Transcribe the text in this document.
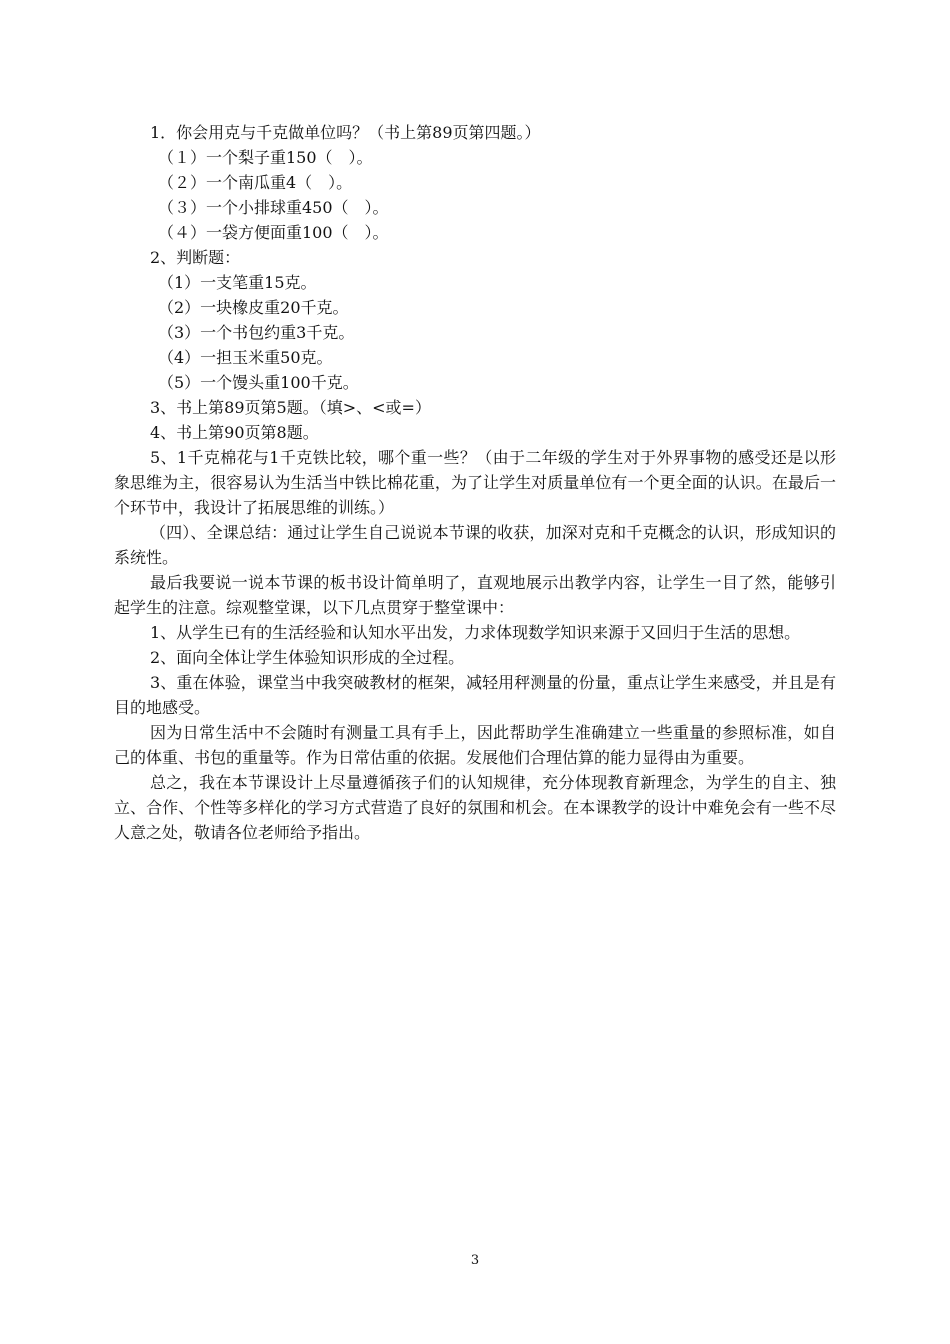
1．你会用克与千克做单位吗？（书上第89页第四题。）

（１）一个梨子重150（　）。

（２）一个南瓜重4（　）。

（３）一个小排球重450（　）。

（４）一袋方便面重100（　）。

2、判断题：

（1）一支笔重15克。

（2）一块橡皮重20千克。

（3）一个书包约重3千克。

（4）一担玉米重50克。

（5）一个馒头重100千克。

3、书上第89页第5题。（填>、<或=）

4、书上第90页第8题。

5、1千克棉花与1千克铁比较，哪个重一些？（由于二年级的学生对于外界事物的感受还是以形象思维为主，很容易认为生活当中铁比棉花重，为了让学生对质量单位有一个更全面的认识。在最后一个环节中，我设计了拓展思维的训练。）

（四）、全课总结：通过让学生自己说说本节课的收获，加深对克和千克概念的认识，形成知识的系统性。

最后我要说一说本节课的板书设计简单明了，直观地展示出教学内容，让学生一目了然，能够引起学生的注意。综观整堂课，以下几点贯穿于整堂课中：

1、从学生已有的生活经验和认知水平出发，力求体现数学知识来源于又回归于生活的思想。

2、面向全体让学生体验知识形成的全过程。

3、重在体验，课堂当中我突破教材的框架，减轻用秤测量的份量，重点让学生来感受，并且是有目的地感受。

因为日常生活中不会随时有测量工具有手上，因此帮助学生准确建立一些重量的参照标准，如自己的体重、书包的重量等。作为日常估重的依据。发展他们合理估算的能力显得由为重要。

总之，我在本节课设计上尽量遵循孩子们的认知规律，充分体现教育新理念，为学生的自主、独立、合作、个性等多样化的学习方式营造了良好的氛围和机会。在本课教学的设计中难免会有一些不尽人意之处，敬请各位老师给予指出。

3
